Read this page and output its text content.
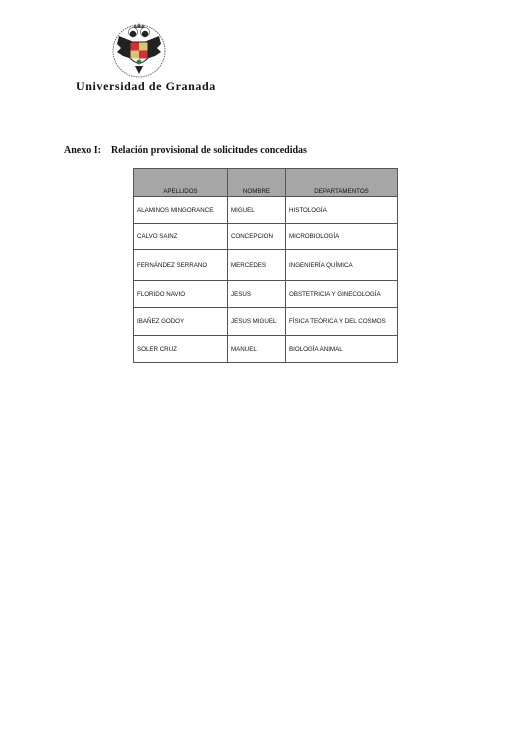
Universidad de Granada
Anexo I: Relación provisional de solicitudes concedidas
APELLIDOS	NOMBRE	DEPARTAMENTOS
ALAMINOS MINGORANCE	MIGUEL	HISTOLOGÍA
CALVO SAINZ	CONCEPCION	MICROBIOLOGÍA
FERNÁNDEZ SERRANO	MERCEDES	INGENIERÍA QUÍMICA
FLORIDO NAVIO	JESUS	OBSTETRICIA Y GINECOLOGÍA
IBAÑEZ GODOY	JESUS MIGUEL	FÍSICA TEÓRICA Y DEL COSMOS
SOLER CRUZ	MANUEL	BIOLOGÍA ANIMAL
